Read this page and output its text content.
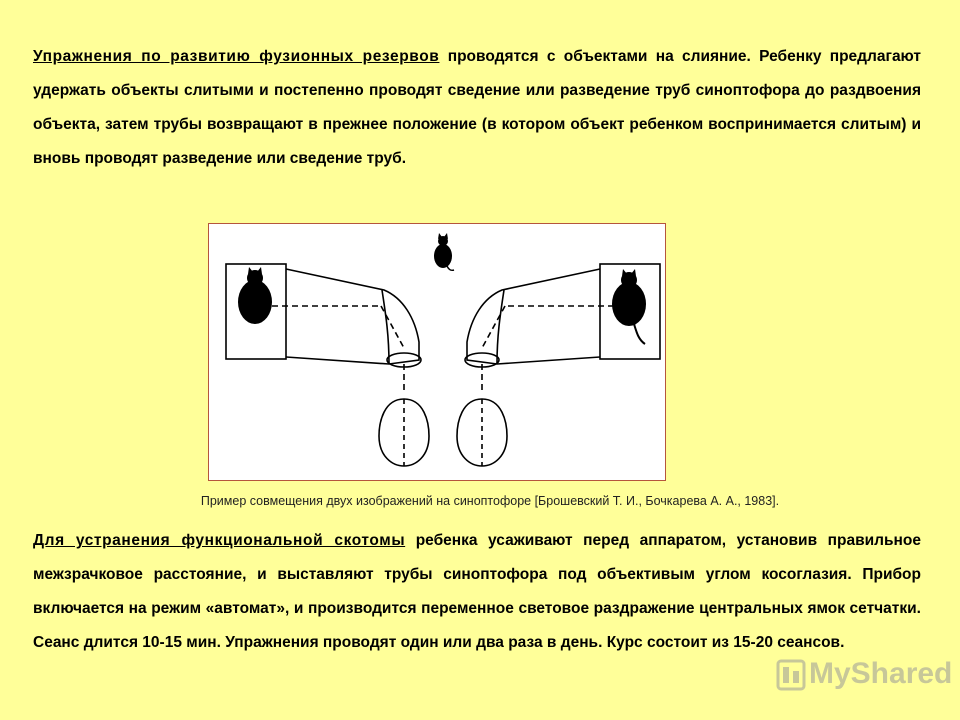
Упражнения по развитию фузионных резервов проводятся с объектами на слияние. Ребенку предлагают удержать объекты слитыми и постепенно проводят сведение или разведение труб синоптофора до раздвоения объекта, затем трубы возвращают в прежнее положение (в котором объект ребенком воспринимается слитым) и вновь проводят разведение или сведение труб.

Пример совмещения двух изображений на синоптофоре [Брошевский Т. И., Бочкарева А. А., 1983].

Для устранения функциональной скотомы ребенка усаживают перед аппаратом, установив правильное межзрачковое расстояние, и выставляют трубы синоптофора под объективым углом косоглазия. Прибор включается на режим «автомат», и производится переменное световое раздражение центральных ямок сетчатки. Сеанс длится 10-15 мин. Упражнения проводят один или два раза в день. Курс состоит из 15-20 сеансов.

MyShared
